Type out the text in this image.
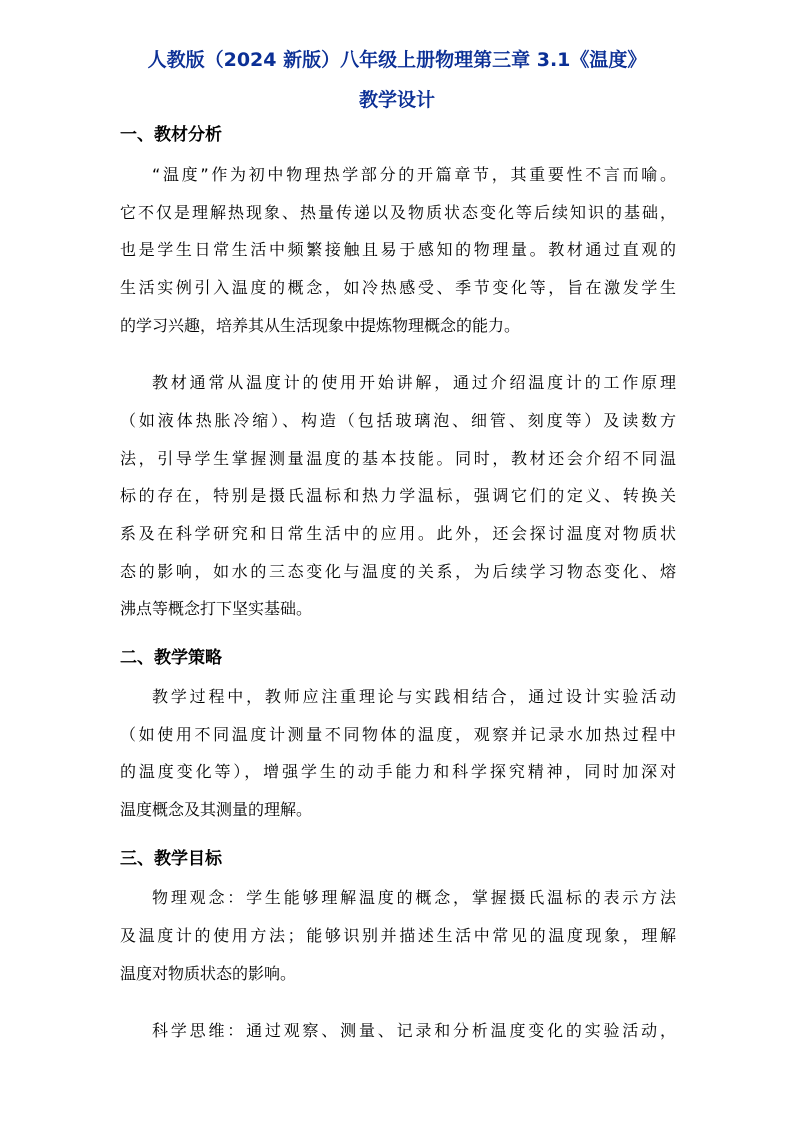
人教版（2024 新版）八年级上册物理第三章 3.1《温度》
教学设计
一、教材分析
“温度”作为初中物理热学部分的开篇章节，其重要性不言而喻。
它不仅是理解热现象、热量传递以及物质状态变化等后续知识的基础，
也是学生日常生活中频繁接触且易于感知的物理量。教材通过直观的
生活实例引入温度的概念，如冷热感受、季节变化等，旨在激发学生
的学习兴趣，培养其从生活现象中提炼物理概念的能力。
教材通常从温度计的使用开始讲解，通过介绍温度计的工作原理
（如液体热胀冷缩）、构造（包括玻璃泡、细管、刻度等）及读数方
法，引导学生掌握测量温度的基本技能。同时，教材还会介绍不同温
标的存在，特别是摄氏温标和热力学温标，强调它们的定义、转换关
系及在科学研究和日常生活中的应用。此外，还会探讨温度对物质状
态的影响，如水的三态变化与温度的关系，为后续学习物态变化、熔
沸点等概念打下坚实基础。
二、教学策略
教学过程中，教师应注重理论与实践相结合，通过设计实验活动
（如使用不同温度计测量不同物体的温度，观察并记录水加热过程中
的温度变化等），增强学生的动手能力和科学探究精神，同时加深对
温度概念及其测量的理解。
三、教学目标
物理观念：学生能够理解温度的概念，掌握摄氏温标的表示方法
及温度计的使用方法；能够识别并描述生活中常见的温度现象，理解
温度对物质状态的影响。
科学思维：通过观察、测量、记录和分析温度变化的实验活动，
